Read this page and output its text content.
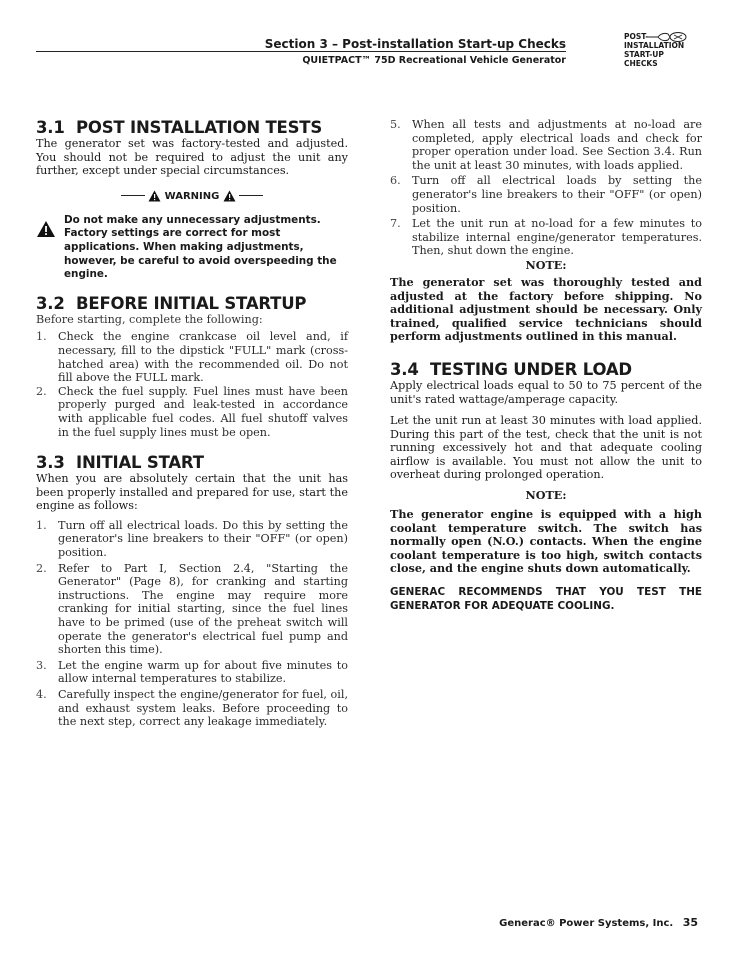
Section 3 – Post-installation Start-up Checks
QUIETPACT™ 75D Recreational Vehicle Generator
POST-
INSTALLATION
START-UP
CHECKS
3.1 POST INSTALLATION TESTS

The generator set was factory-tested and adjusted. You should not be required to adjust the unit any further, except under special circumstances.

WARNING
Do not make any unnecessary adjustments. Factory settings are correct for most applications. When making adjustments, however, be careful to avoid overspeeding the engine.
3.2 BEFORE INITIAL STARTUP

Before starting, complete the following:

1. Check the engine crankcase oil level and, if necessary, fill to the dipstick "FULL" mark (cross-hatched area) with the recommended oil. Do not fill above the FULL mark.
2. Check the fuel supply. Fuel lines must have been properly purged and leak-tested in accordance with applicable fuel codes. All fuel shutoff valves in the fuel supply lines must be open.
3.3 INITIAL START

When you are absolutely certain that the unit has been properly installed and prepared for use, start the engine as follows:

1. Turn off all electrical loads. Do this by setting the generator's line breakers to their "OFF" (or open) position.
2. Refer to Part I, Section 2.4, "Starting the Generator" (Page 8), for cranking and starting instructions. The engine may require more cranking for initial starting, since the fuel lines have to be primed (use of the preheat switch will operate the generator's electrical fuel pump and shorten this time).
3. Let the engine warm up for about five minutes to allow internal temperatures to stabilize.
4. Carefully inspect the engine/generator for fuel, oil, and exhaust system leaks. Before proceeding to the next step, correct any leakage immediately.
5. When all tests and adjustments at no-load are completed, apply electrical loads and check for proper operation under load. See Section 3.4. Run the unit at least 30 minutes, with loads applied.
6. Turn off all electrical loads by setting the generator's line breakers to their "OFF" (or open) position.
7. Let the unit run at no-load for a few minutes to stabilize internal engine/generator temperatures. Then, shut down the engine.

NOTE:

The generator set was thoroughly tested and adjusted at the factory before shipping. No additional adjustment should be necessary. Only trained, qualified service technicians should perform adjustments outlined in this manual.

3.4 TESTING UNDER LOAD

Apply electrical loads equal to 50 to 75 percent of the unit's rated wattage/amperage capacity.

Let the unit run at least 30 minutes with load applied. During this part of the test, check that the unit is not running excessively hot and that adequate cooling airflow is available. You must not allow the unit to overheat during prolonged operation.

NOTE:

The generator engine is equipped with a high coolant temperature switch. The switch has normally open (N.O.) contacts. When the engine coolant temperature is too high, switch contacts close, and the engine shuts down automatically.

GENERAC RECOMMENDS THAT YOU TEST THE GENERATOR FOR ADEQUATE COOLING.

Generac® Power Systems, Inc. 35
